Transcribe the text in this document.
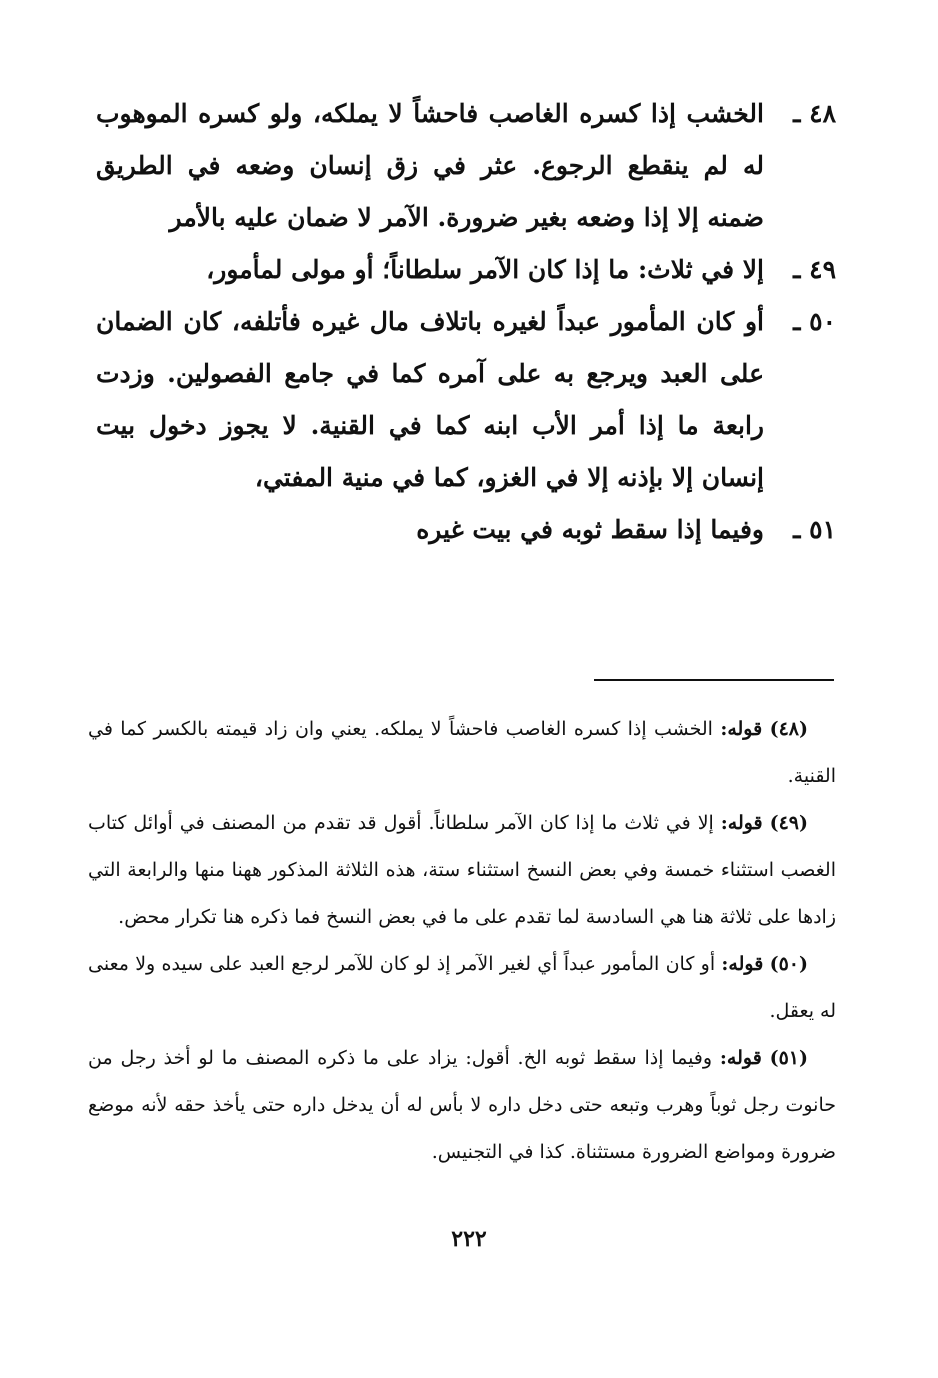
٤٨ ـ
الخشب إذا كسره الغاصب فاحشاً لا يملكه، ولو كسره الموهوب له لم ينقطع الرجوع. عثر في زق إنسان وضعه في الطريق ضمنه إلا إذا وضعه بغير ضرورة. الآمر لا ضمان عليه بالأمر
٤٩ ـ
إلا في ثلاث: ما إذا كان الآمر سلطاناً؛ أو مولى لمأمور،
٥٠ ـ
أو كان المأمور عبداً لغيره باتلاف مال غيره فأتلفه، كان الضمان على العبد ويرجع به على آمره كما في جامع الفصولين. وزدت رابعة ما إذا أمر الأب ابنه كما في القنية. لا يجوز دخول بيت إنسان إلا بإذنه إلا في الغزو، كما في منية المفتي،
٥١ ـ
وفيما إذا سقط ثوبه في بيت غيره

(٤٨) قوله: الخشب إذا كسره الغاصب فاحشاً لا يملكه. يعني وان زاد قيمته بالكسر كما في القنية.

(٤٩) قوله: إلا في ثلاث ما إذا كان الآمر سلطاناً. أقول قد تقدم من المصنف في أوائل كتاب الغصب استثناء خمسة وفي بعض النسخ استثناء ستة، هذه الثلاثة المذكور ههنا منها والرابعة التي زادها على ثلاثة هنا هي السادسة لما تقدم على ما في بعض النسخ فما ذكره هنا تكرار محض.

(٥٠) قوله: أو كان المأمور عبداً أي لغير الآمر إذ لو كان للآمر لرجع العبد على سيده ولا معنى له يعقل.

(٥١) قوله: وفيما إذا سقط ثوبه الخ. أقول: يزاد على ما ذكره المصنف ما لو أخذ رجل من حانوت رجل ثوباً وهرب وتبعه حتى دخل داره لا بأس له أن يدخل داره حتى يأخذ حقه لأنه موضع ضرورة ومواضع الضرورة مستثناة. كذا في التجنيس.

٢٢٢
